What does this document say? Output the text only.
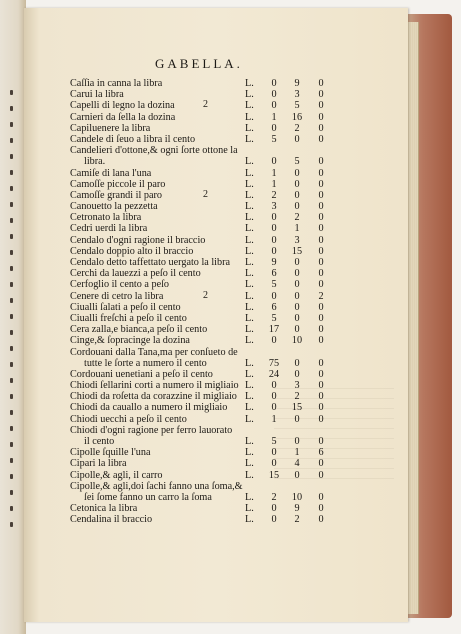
GABELLA.
Caſſia in canna la libra	L.	0	9	0
Carui la libra	L.	0	3	0
Capelli di legno la dozina	2	L.	0	5	0
Carnieri da ſella la dozina	L.	1	16	0
Capiluenere la libra	L.	0	2	0
Candele di ſeuo a libra il cento	L.	5	0	0
Candelieri d'ottone,& ogni ſorte ottone la
libra.	L.	0	5	0
Camiſe di lana l'una	L.	1	0	0
Camoſſe piccole il paro	L.	1	0	0
Camoſſe grandi il paro	2	L.	2	0	0
Canouetto la pezzetta	L.	3	0	0
Cetronato la libra	L.	0	2	0
Cedri uerdi la libra	L.	0	1	0
Cendalo d'ogni ragione il braccio	L.	0	3	0
Cendalo doppio alto il braccio	L.	0	15	0
Cendalo detto taffettato uergato la libra L.	9	0	0
Cerchi da lauezzi a peſo il cento	L.	6	0	0
Cerfoglio il cento a peſo	L.	5	0	0
Cenere di cetro la libra	2	L.	0	0	2
Ciualli ſalati a peſo il cento	L.	6	0	0
Ciualli freſchi a peſo il cento	L.	5	0	0
Cera zalla,e bianca,a peſo il cento	L. 17	0	0
Cinge,& ſopracinge la dozina	L.	0	10	0
Cordouani dalla Tana,ma per conſueto de
tutte le ſorte a numero il cento	L. 75	0	0
Cordouani uenetiani a peſo il cento	L. 24	0	0
Chiodi ſellarini corti a numero il migliaio L.	0	3	0
Chiodi da roſetta da corazzine il migliaio L.	0	2	0
Chiodi da cauallo a numero il migliaio L.	0	15	0
Chiodi uecchi a peſo il cento	L.	1	0	0
Chiodi d'ogni ragione per ferro lauorato
il cento	L.	5	0	0
Cipolle ſquille l'una	L.	0	1	6
Cipari la libra	L.	0	4	0
Cipolle,& agli, il carro	L. 15	0	0
Cipolle,& agli,doi ſachi fanno una ſoma,&
ſei ſome fanno un carro la ſoma	L.	2	10	0
Cetonica la libra	L.	0	9	0
Cendalina il braccio	L.	0	2	0
